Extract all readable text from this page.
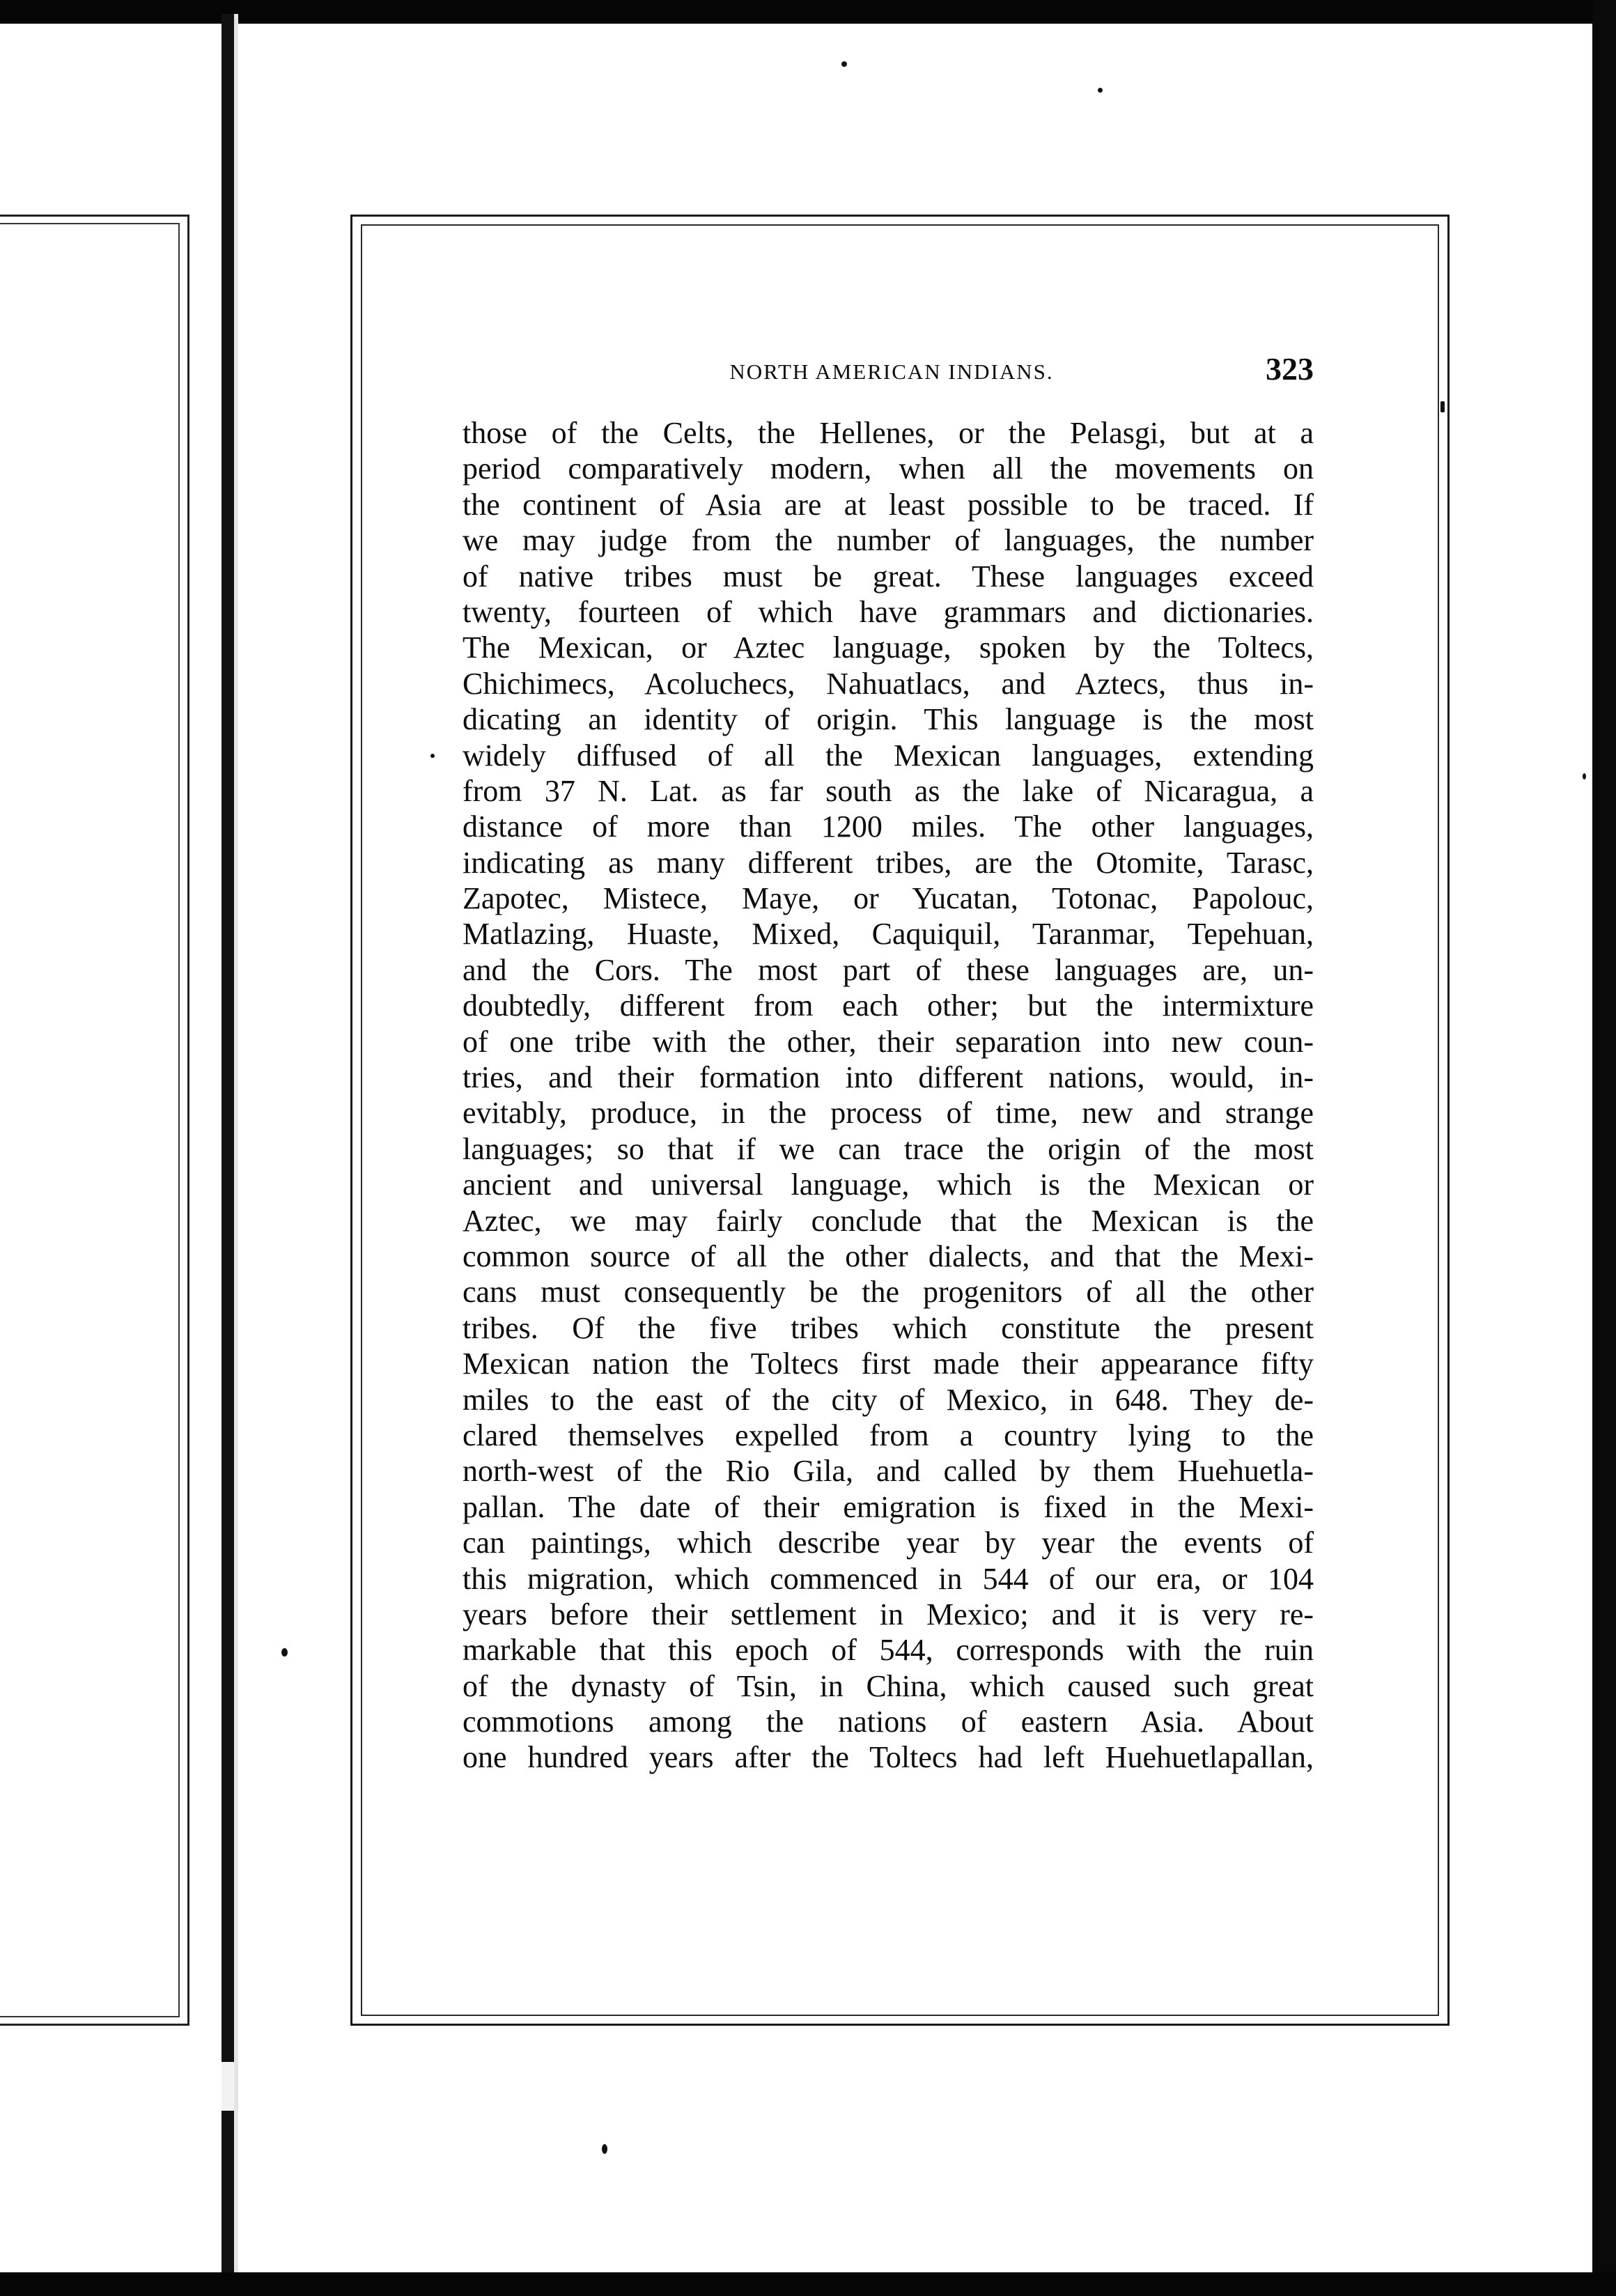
NORTH AMERICAN INDIANS.	323
those of the Celts, the Hellenes, or the Pelasgi, but at a
period comparatively modern, when all the movements on
the continent of Asia are at least possible to be traced. If
we may judge from the number of languages, the number
of native tribes must be great. These languages exceed
twenty, fourteen of which have grammars and dictionaries.
The Mexican, or Aztec language, spoken by the Toltecs,
Chichimecs, Acoluchecs, Nahuatlacs, and Aztecs, thus in-
dicating an identity of origin. This language is the most
widely diffused of all the Mexican languages, extending
from 37 N. Lat. as far south as the lake of Nicaragua, a
distance of more than 1200 miles. The other languages,
indicating as many different tribes, are the Otomite, Tarasc,
Zapotec, Mistece, Maye, or Yucatan, Totonac, Papolouc,
Matlazing, Huaste, Mixed, Caquiquil, Taranmar, Tepehuan,
and the Cors. The most part of these languages are, un-
doubtedly, different from each other; but the intermixture
of one tribe with the other, their separation into new coun-
tries, and their formation into different nations, would, in-
evitably, produce, in the process of time, new and strange
languages; so that if we can trace the origin of the most
ancient and universal language, which is the Mexican or
Aztec, we may fairly conclude that the Mexican is the
common source of all the other dialects, and that the Mexi-
cans must consequently be the progenitors of all the other
tribes. Of the five tribes which constitute the present
Mexican nation the Toltecs first made their appearance fifty
miles to the east of the city of Mexico, in 648. They de-
clared themselves expelled from a country lying to the
north-west of the Rio Gila, and called by them Huehuetla-
pallan. The date of their emigration is fixed in the Mexi-
can paintings, which describe year by year the events of
this migration, which commenced in 544 of our era, or 104
years before their settlement in Mexico; and it is very re-
markable that this epoch of 544, corresponds with the ruin
of the dynasty of Tsin, in China, which caused such great
commotions among the nations of eastern Asia. About
one hundred years after the Toltecs had left Huehuetlapallan,
